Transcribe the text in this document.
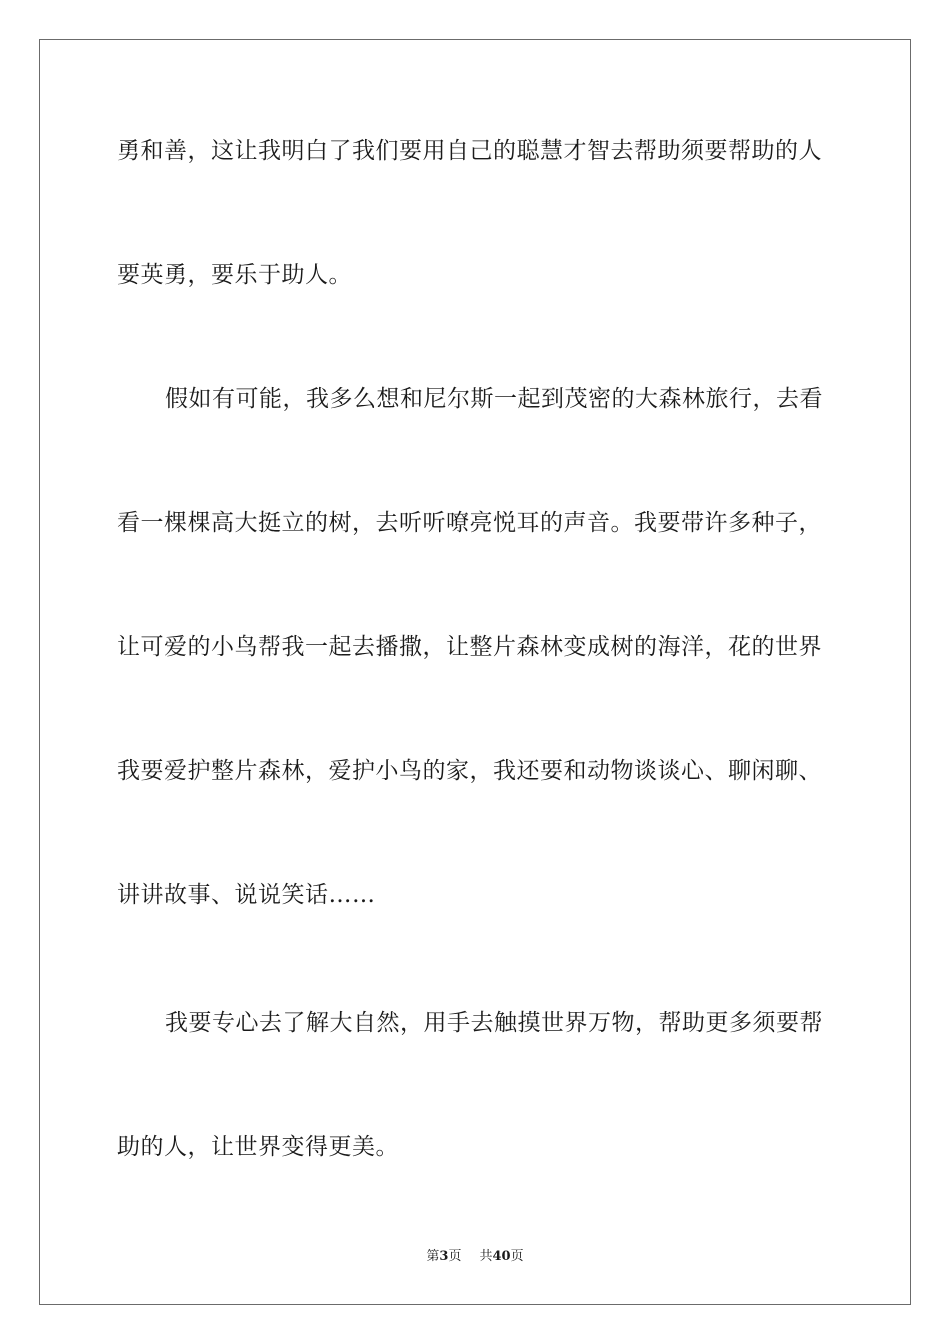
勇和善，这让我明白了我们要用自己的聪慧才智去帮助须要帮助的人
要英勇，要乐于助人。
假如有可能，我多么想和尼尔斯一起到茂密的大森林旅行，去看
看一棵棵高大挺立的树，去听听嘹亮悦耳的声音。我要带许多种子，
让可爱的小鸟帮我一起去播撒，让整片森林变成树的海洋，花的世界
我要爱护整片森林，爱护小鸟的家，我还要和动物谈谈心、聊闲聊、
讲讲故事、说说笑话……
我要专心去了解大自然，用手去触摸世界万物，帮助更多须要帮
助的人，让世界变得更美。
第3页 共40页
